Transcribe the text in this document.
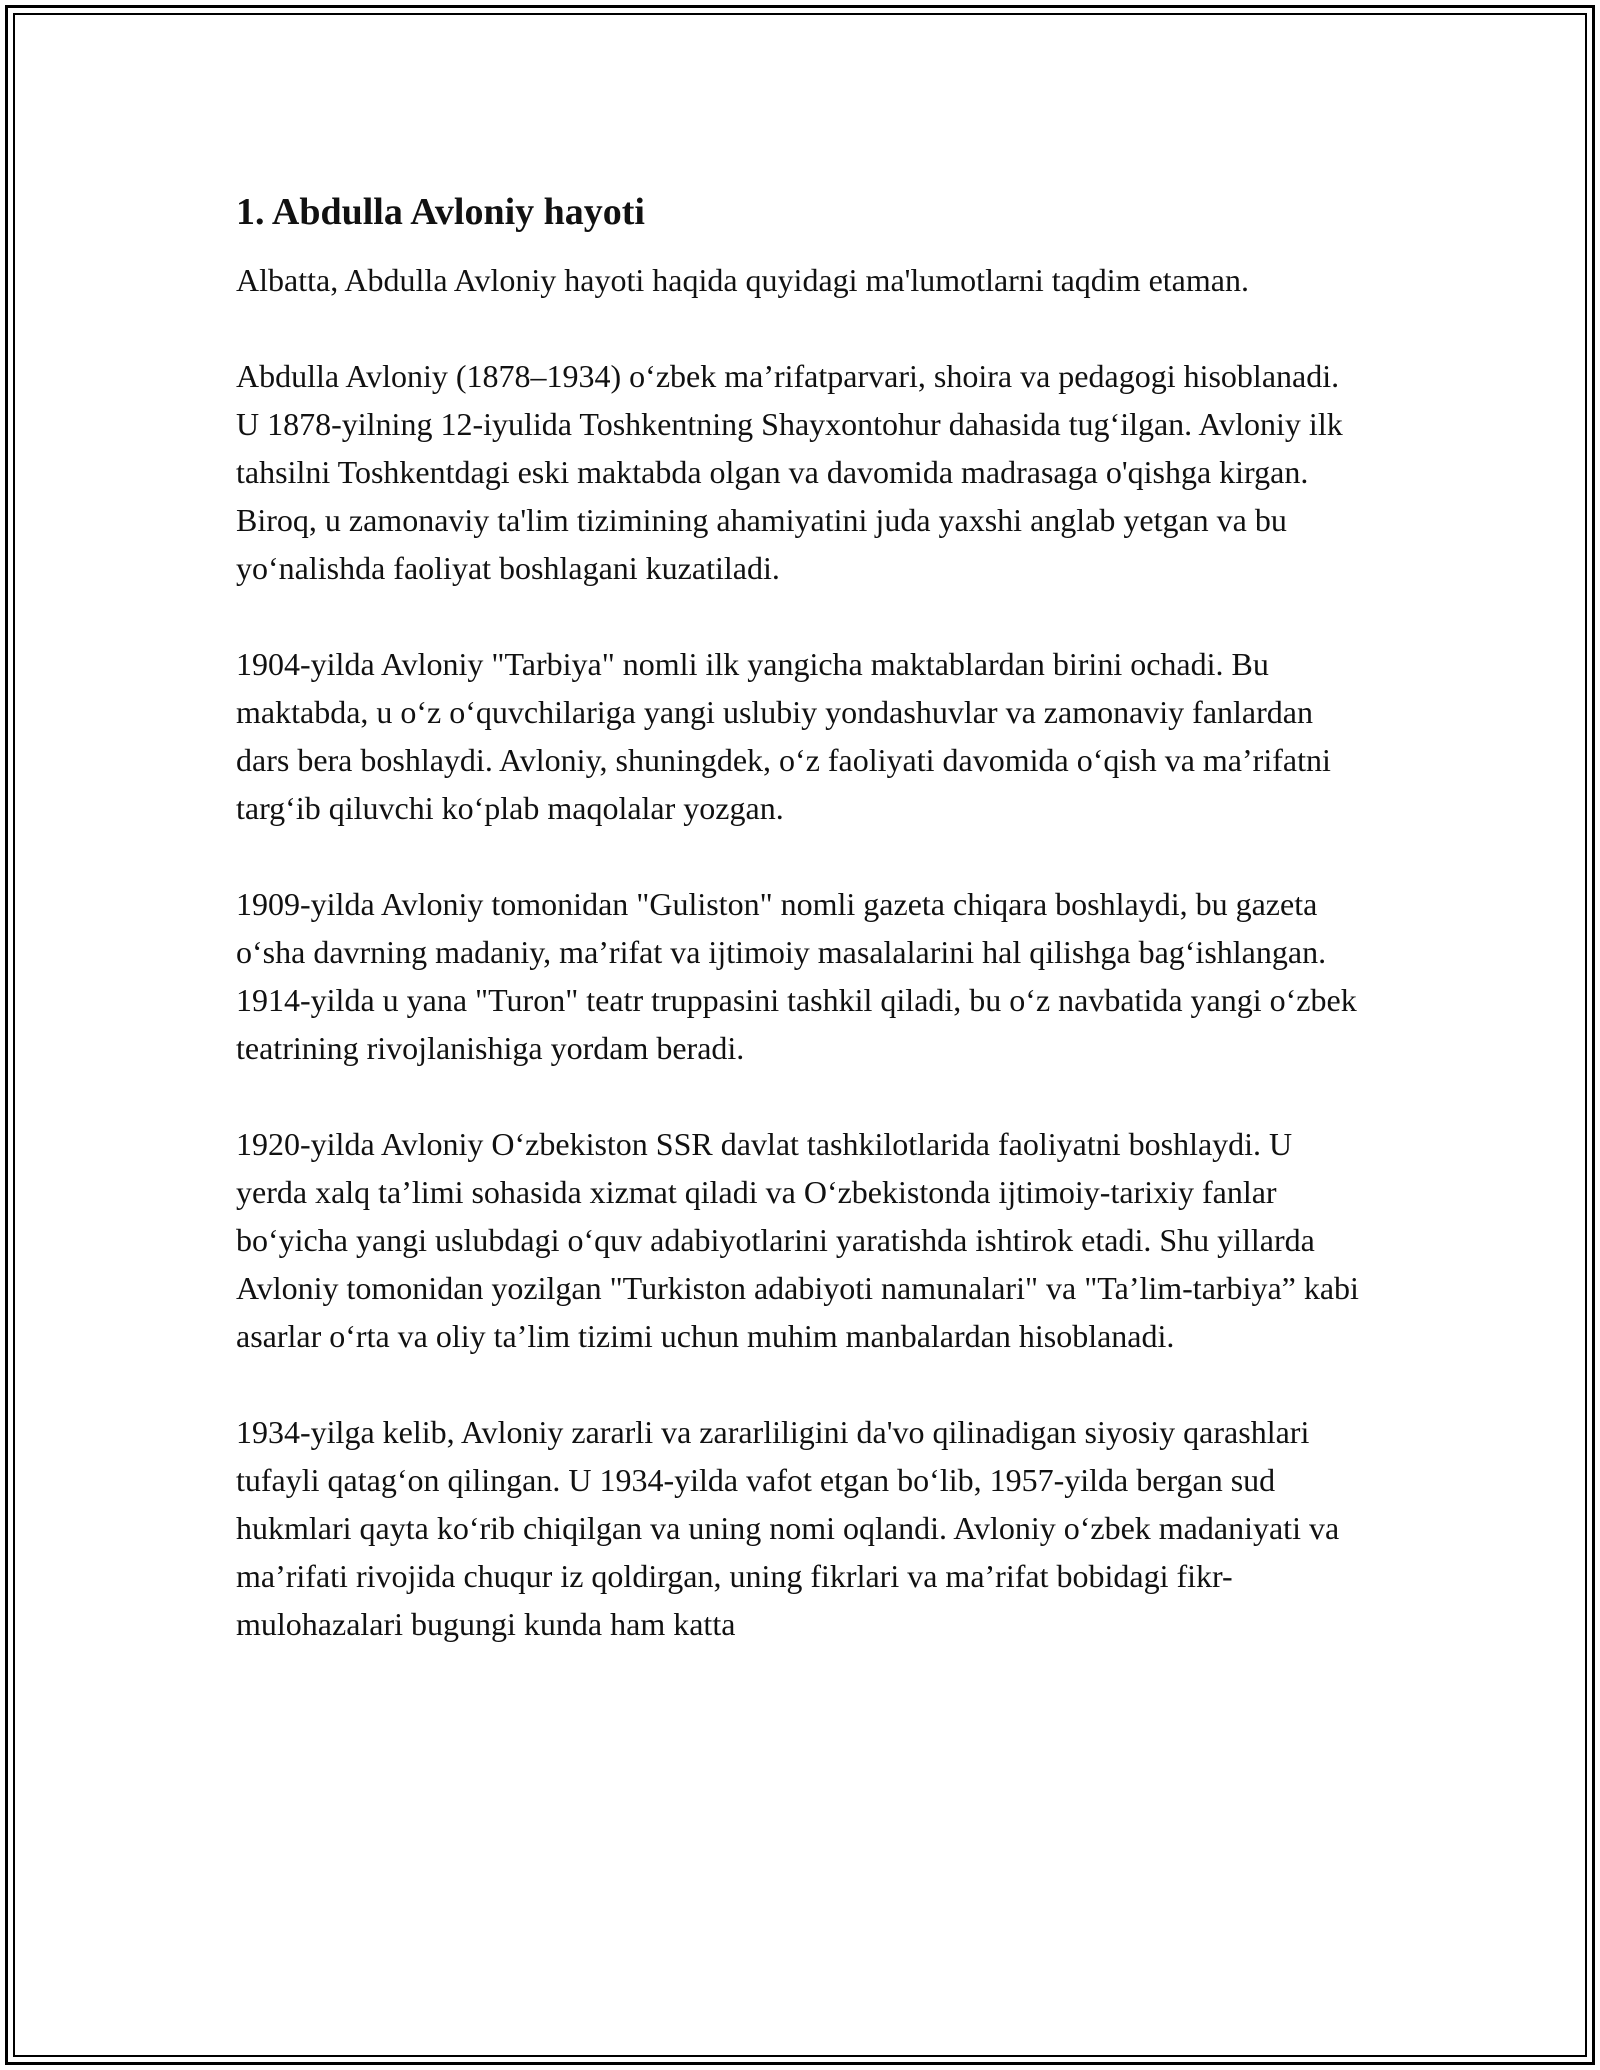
1. Abdulla Avloniy hayoti

Albatta, Abdulla Avloniy hayoti haqida quyidagi ma'lumotlarni taqdim etaman.

Abdulla Avloniy (1878–1934) o‘zbek ma’rifatparvari, shoira va pedagogi hisoblanadi. U 1878-yilning 12-iyulida Toshkentning Shayxontohur dahasida tug‘ilgan. Avloniy ilk tahsilni Toshkentdagi eski maktabda olgan va davomida madrasaga o'qishga kirgan. Biroq, u zamonaviy ta'lim tizimining ahamiyatini juda yaxshi anglab yetgan va bu yo‘nalishda faoliyat boshlagani kuzatiladi.

1904-yilda Avloniy "Tarbiya" nomli ilk yangicha maktablardan birini ochadi. Bu maktabda, u o‘z o‘quvchilariga yangi uslubiy yondashuvlar va zamonaviy fanlardan dars bera boshlaydi. Avloniy, shuningdek, o‘z faoliyati davomida o‘qish va ma’rifatni targ‘ib qiluvchi ko‘plab maqolalar yozgan.

1909-yilda Avloniy tomonidan "Guliston" nomli gazeta chiqara boshlaydi, bu gazeta o‘sha davrning madaniy, ma’rifat va ijtimoiy masalalarini hal qilishga bag‘ishlangan. 1914-yilda u yana "Turon" teatr truppasini tashkil qiladi, bu o‘z navbatida yangi o‘zbek teatrining rivojlanishiga yordam beradi.

1920-yilda Avloniy O‘zbekiston SSR davlat tashkilotlarida faoliyatni boshlaydi. U yerda xalq ta’limi sohasida xizmat qiladi va O‘zbekistonda ijtimoiy-tarixiy fanlar bo‘yicha yangi uslubdagi o‘quv adabiyotlarini yaratishda ishtirok etadi. Shu yillarda Avloniy tomonidan yozilgan "Turkiston adabiyoti namunalari" va "Ta’lim-tarbiya” kabi asarlar o‘rta va oliy ta’lim tizimi uchun muhim manbalardan hisoblanadi.

1934-yilga kelib, Avloniy zararli va zararliligini da'vo qilinadigan siyosiy qarashlari tufayli qatag‘on qilingan. U 1934-yilda vafot etgan bo‘lib, 1957-yilda bergan sud hukmlari qayta ko‘rib chiqilgan va uning nomi oqlandi. Avloniy o‘zbek madaniyati va ma’rifati rivojida chuqur iz qoldirgan, uning fikrlari va ma’rifat bobidagi fikr-mulohazalari bugungi kunda ham katta
